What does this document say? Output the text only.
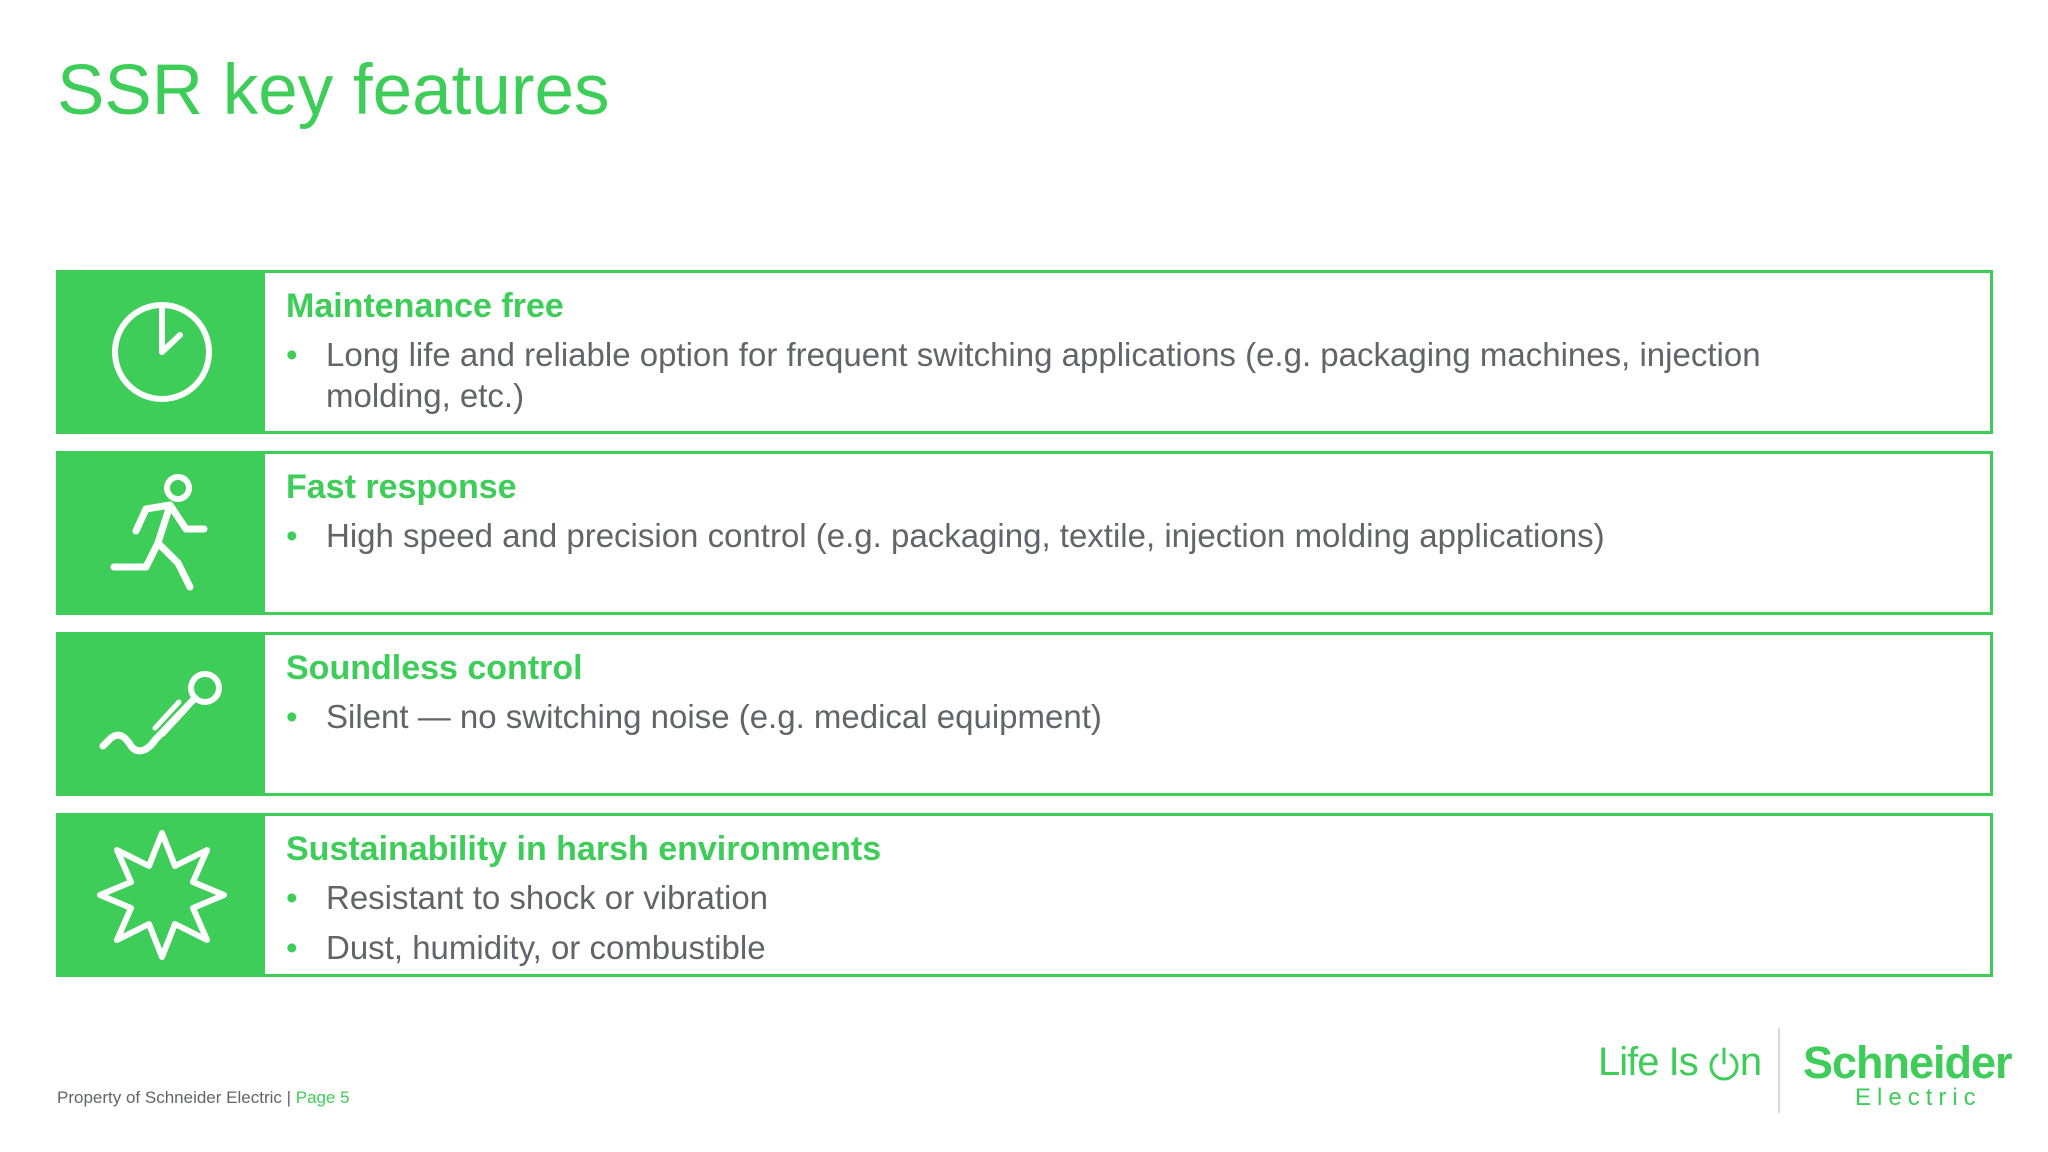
SSR key features
Maintenance free
• Long life and reliable option for frequent switching applications (e.g. packaging machines, injection molding, etc.)
Fast response
• High speed and precision control (e.g. packaging, textile, injection molding applications)
Soundless control
• Silent — no switching noise (e.g. medical equipment)
Sustainability in harsh environments
• Resistant to shock or vibration
• Dust, humidity, or combustible
Property of Schneider Electric | Page 5
Life Is n Schneider
Electric
